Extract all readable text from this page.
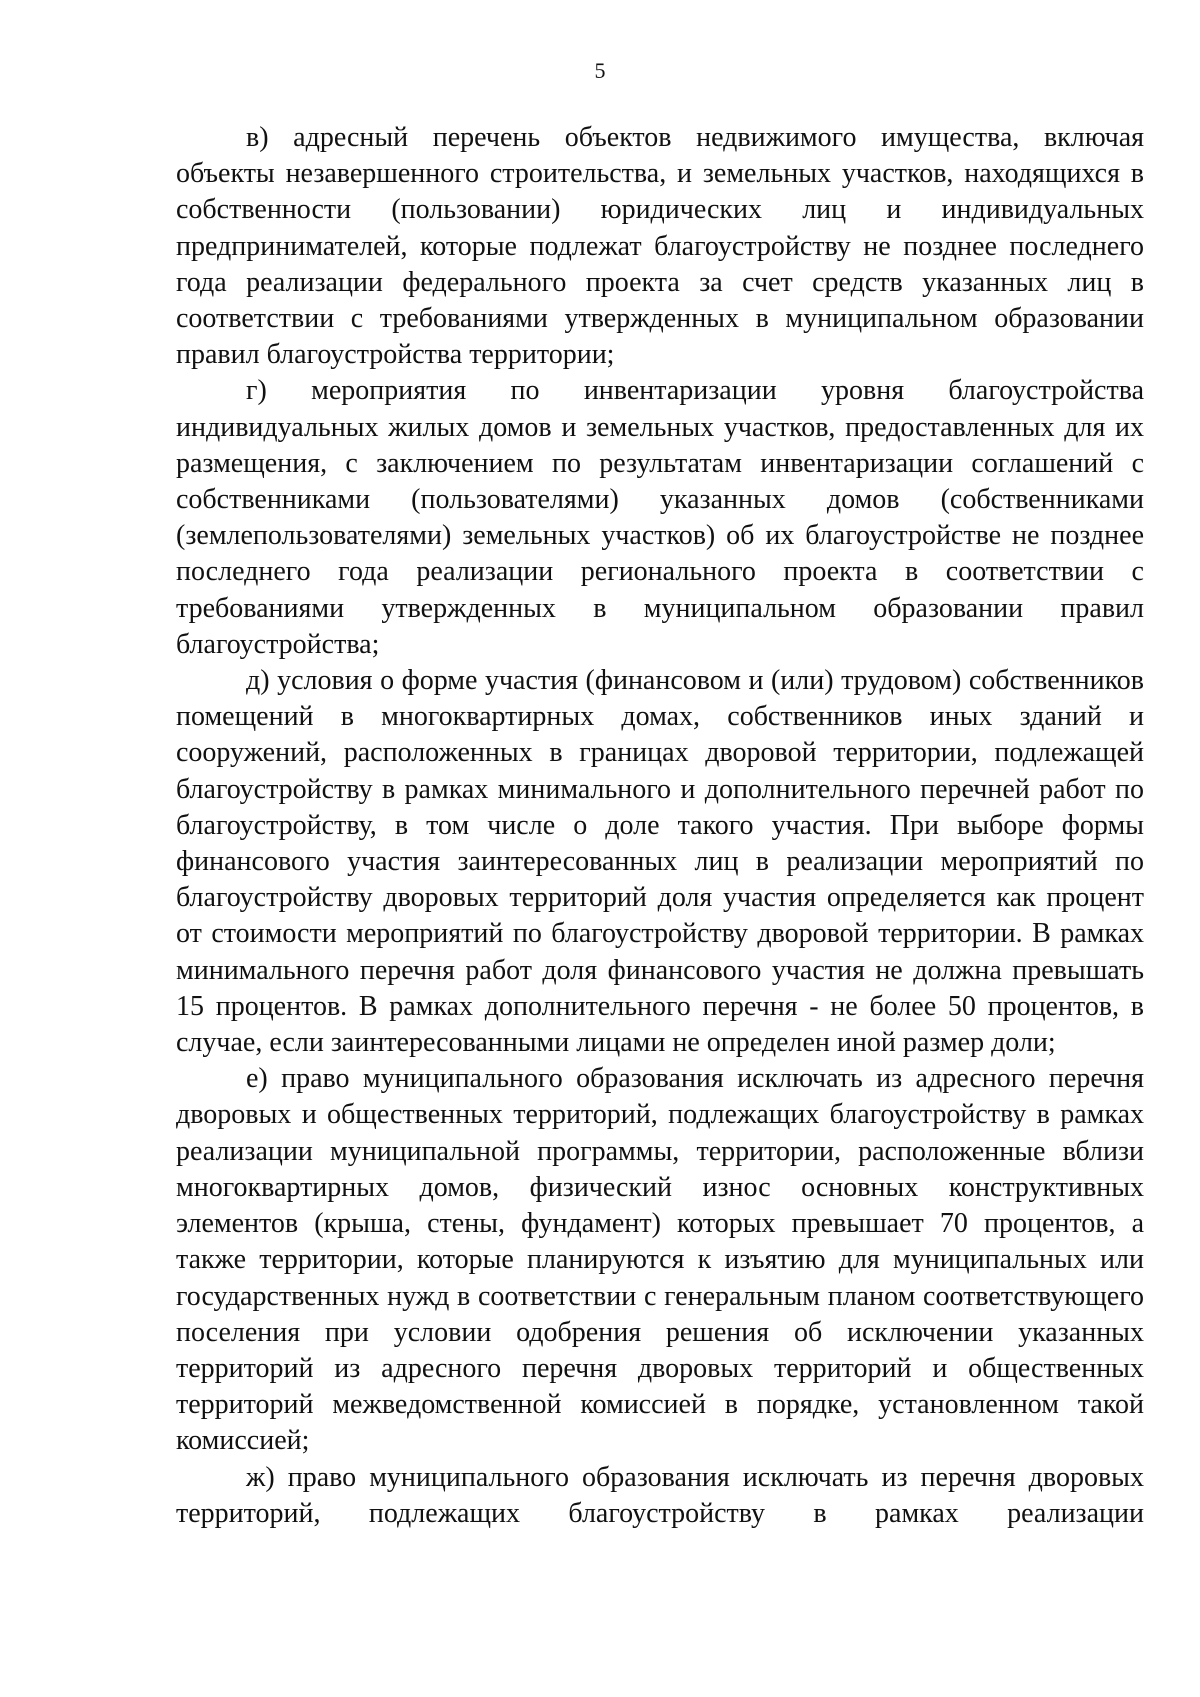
5

в) адресный перечень объектов недвижимого имущества, включая объекты незавершенного строительства, и земельных участков, находящихся в собственности (пользовании) юридических лиц и индивидуальных предпринимателей, которые подлежат благоустройству не позднее последнего года реализации федерального проекта за счет средств указанных лиц в соответствии с требованиями утвержденных в муниципальном образовании правил благоустройства территории;

г) мероприятия по инвентаризации уровня благоустройства индивидуальных жилых домов и земельных участков, предоставленных для их размещения, с заключением по результатам инвентаризации соглашений с собственниками (пользователями) указанных домов (собственниками (землепользователями) земельных участков) об их благоустройстве не позднее последнего года реализации регионального проекта в соответствии с требованиями утвержденных в муниципальном образовании правил благоустройства;

д) условия о форме участия (финансовом и (или) трудовом) собственников помещений в многоквартирных домах, собственников иных зданий и сооружений, расположенных в границах дворовой территории, подлежащей благоустройству в рамках минимального и дополнительного перечней работ по благоустройству, в том числе о доле такого участия. При выборе формы финансового участия заинтересованных лиц в реализации мероприятий по благоустройству дворовых территорий доля участия определяется как процент от стоимости мероприятий по благоустройству дворовой территории. В рамках минимального перечня работ доля финансового участия не должна превышать 15 процентов. В рамках дополнительного перечня - не более 50 процентов, в случае, если заинтересованными лицами не определен иной размер доли;

е) право муниципального образования исключать из адресного перечня дворовых и общественных территорий, подлежащих благоустройству в рамках реализации муниципальной программы, территории, расположенные вблизи многоквартирных домов, физический износ основных конструктивных элементов (крыша, стены, фундамент) которых превышает 70 процентов, а также территории, которые планируются к изъятию для муниципальных или государственных нужд в соответствии с генеральным планом соответствующего поселения при условии одобрения решения об исключении указанных территорий из адресного перечня дворовых территорий и общественных территорий межведомственной комиссией в порядке, установленном такой комиссией;

ж) право муниципального образования исключать из перечня дворовых территорий, подлежащих благоустройству в рамках реализации
